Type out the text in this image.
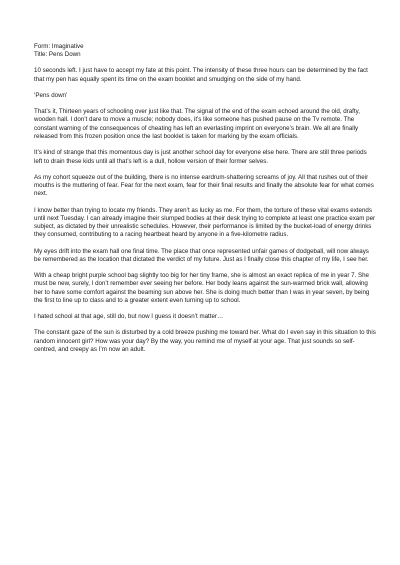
Form: Imaginative

Title: Pens Down

10 seconds left. I just have to accept my fate at this point. The intensity of these three hours can be determined by the fact that my pen has equally spent its time on the exam booklet and smudging on the side of my hand.

‘Pens down’

That’s it, Thirteen years of schooling over just like that. The signal of the end of the exam echoed around the old, drafty, wooden hall. I don’t dare to move a muscle; nobody does, it’s like someone has pushed pause on the Tv remote. The constant warning of the consequences of cheating has left an everlasting imprint on everyone’s brain. We all are finally released from this frozen position once the last booklet is taken for marking by the exam officials.

It’s kind of strange that this momentous day is just another school day for everyone else here. There are still three periods left to drain these kids until all that’s left is a dull, hollow version of their former selves.

As my cohort squeeze out of the building, there is no intense eardrum-shattering screams of joy. All that rushes out of their mouths is the muttering of fear. Fear for the next exam, fear for their final results and finally the absolute fear for what comes next.

I know better than trying to locate my friends. They aren’t as lucky as me. For them, the torture of these vital exams extends until next Tuesday. I can already imagine their slumped bodies at their desk trying to complete at least one practice exam per subject, as dictated by their unrealistic schedules. However, their performance is limited by the bucket-load of energy drinks they consumed, contributing to a racing heartbeat heard by anyone in a five-kilometre radius.

My eyes drift into the exam hall one final time. The place that once represented unfair games of dodgeball, will now always be remembered as the location that dictated the verdict of my future. Just as I finally close this chapter of my life, I see her.

With a cheap bright purple school bag slightly too big for her tiny frame, she is almost an exact replica of me in year 7. She must be new, surely, I don’t remember ever seeing her before. Her body leans against the sun-warmed brick wall, allowing her to have some comfort against the beaming sun above her. She is doing much better than I was in year seven, by being the first to line up to class and to a greater extent even turning up to school.

I hated school at that age, still do, but now I guess it doesn’t matter…

The constant gaze of the sun is disturbed by a cold breeze pushing me toward her. What do I even say in this situation to this random innocent girl? How was your day? By the way, you remind me of myself at your age. That just sounds so self-centred, and creepy as I’m now an adult.
